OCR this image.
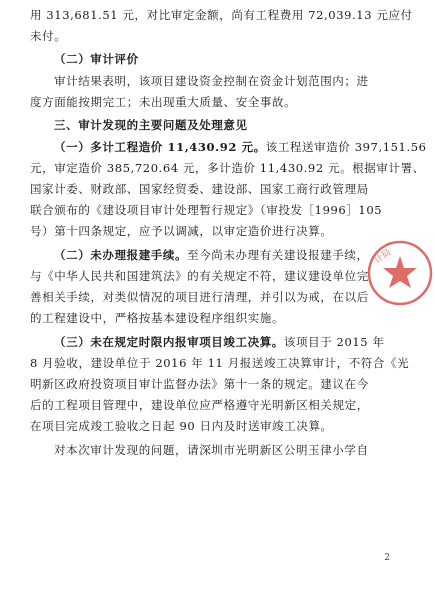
用 313,681.51 元，对比审定金额，尚有工程费用 72,039.13 元应付
未付。
（二）审计评价
审计结果表明，该项目建设资金控制在资金计划范围内；进
度方面能按期完工；未出现重大质量、安全事故。
三、审计发现的主要问题及处理意见
（一）多计工程造价 11,430.92 元。该工程送审造价 397,151.56
元，审定造价 385,720.64 元，多计造价 11,430.92 元。根据审计署、
国家计委、财政部、国家经贸委、建设部、国家工商行政管理局
联合颁布的《建设项目审计处理暂行规定》（审投发［1996］105
号）第十四条规定，应予以调减，以审定造价进行决算。
（二）未办理报建手续。至今尚未办理有关建设报建手续，
与《中华人民共和国建筑法》的有关规定不符，建议建设单位完
善相关手续，对类似情况的项目进行清理，并引以为戒，在以后
的工程建设中，严格按基本建设程序组织实施。
（三）未在规定时限内报审项目竣工决算。该项目于 2015 年
8 月验收，建设单位于 2016 年 11 月报送竣工决算审计，不符合《光
明新区政府投资项目审计监督办法》第十一条的规定。建议在今
后的工程项目管理中，建设单位应严格遵守光明新区相关规定，
在项目完成竣工验收之日起 90 日内及时送审竣工决算。
对本次审计发现的问题，请深圳市光明新区公明玉律小学自
计局
2
